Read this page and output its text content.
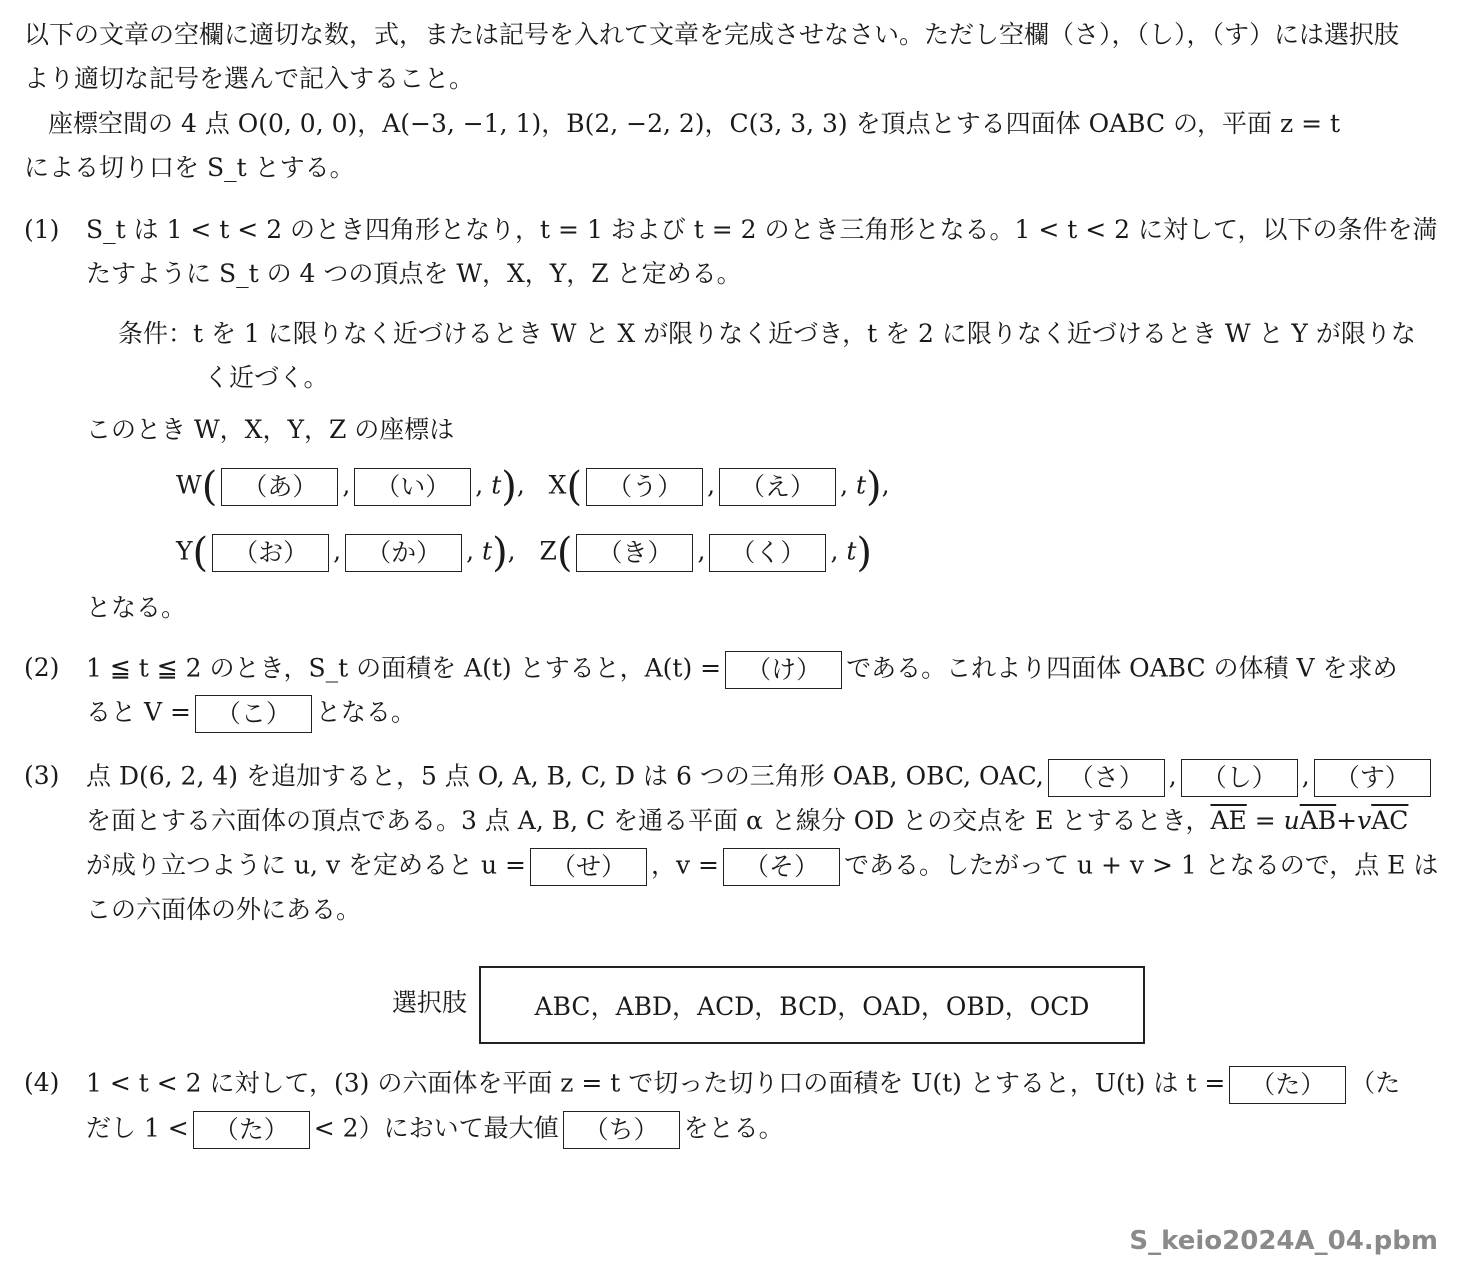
以下の文章の空欄に適切な数，式，または記号を入れて文章を完成させなさい。ただし空欄（さ），（し），（す）には選択肢
より適切な記号を選んで記入すること。
座標空間の 4 点 O(0, 0, 0)，A(−3, −1, 1)，B(2, −2, 2)，C(3, 3, 3) を頂点とする四面体 OABC の，平面 z = t
による切り口を S_t とする。
(1) S_t は 1 < t < 2 のとき四角形となり，t = 1 および t = 2 のとき三角形となる。1 < t < 2 に対して，以下の条件を満
たすように S_t の 4 つの頂点を W，X，Y，Z と定める。
条件：t を 1 に限りなく近づけるとき W と X が限りなく近づき，t を 2 に限りなく近づけるとき W と Y が限りな
く近づく。
このとき W，X，Y，Z の座標は
W( （あ） , （い） , t),   X( （う） , （え） , t),
Y( （お） , （か） , t),   Z( （き） , （く） , t)
となる。
(2) 1 ≦ t ≦ 2 のとき，S_t の面積を A(t) とすると，A(t) = （け） である。これより四面体 OABC の体積 V を求め
ると V = （こ） となる。
(3) 点 D(6, 2, 4) を追加すると，5 点 O, A, B, C, D は 6 つの三角形 OAB, OBC, OAC, （さ） , （し） , （す）
を面とする六面体の頂点である。3 点 A, B, C を通る平面 α と線分 OD との交点を E とするとき，$\overline{AE} = u\overline{AB}+v\overline{AC}$
が成り立つように u, v を定めると u = （せ） ，v = （そ） である。したがって u + v > 1 となるので，点 E は
この六面体の外にある。
選択肢	ABC，ABD，ACD，BCD，OAD，OBD，OCD
(4) 1 < t < 2 に対して，(3) の六面体を平面 z = t で切った切り口の面積を U(t) とすると，U(t) は t = （た） （た
だし 1 < （た） < 2）において最大値 （ち） をとる。
S_keio2024A_04.pbm
